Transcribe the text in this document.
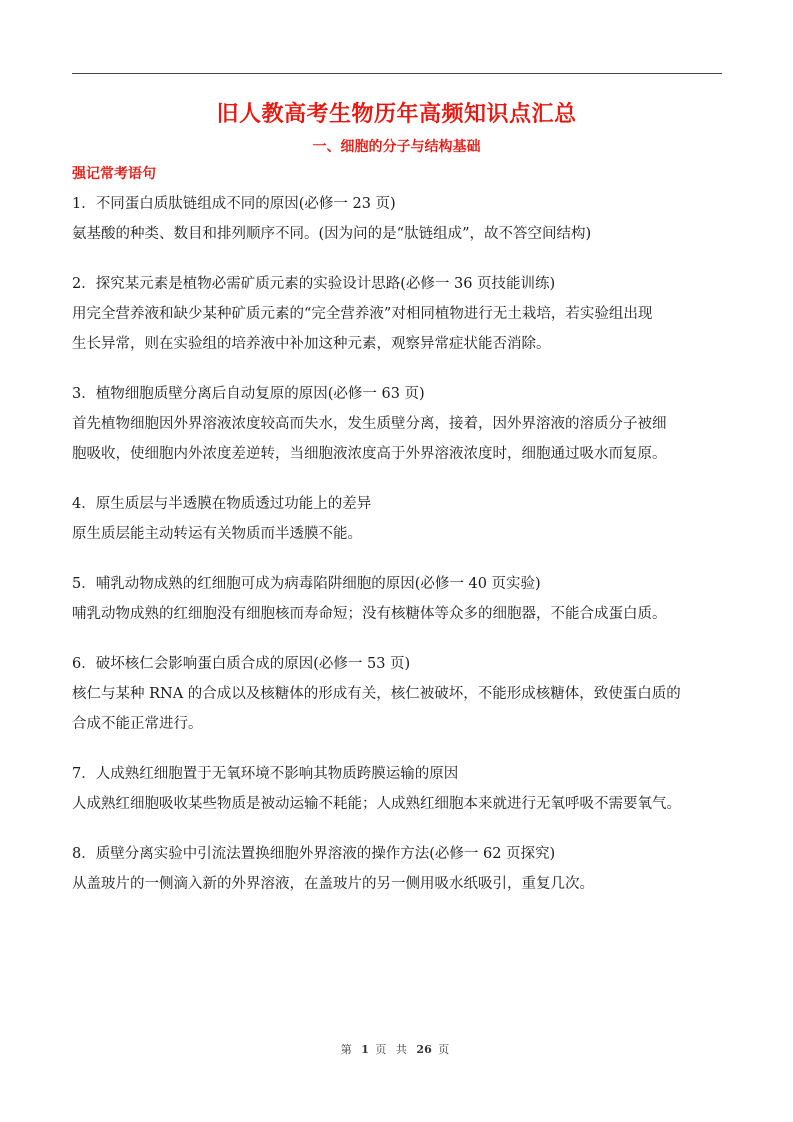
旧人教高考生物历年高频知识点汇总
一、细胞的分子与结构基础
强记常考语句
1．不同蛋白质肽链组成不同的原因(必修一 23 页)
氨基酸的种类、数目和排列顺序不同。(因为问的是“肽链组成”，故不答空间结构)
2．探究某元素是植物必需矿质元素的实验设计思路(必修一 36 页技能训练)
用完全营养液和缺少某种矿质元素的“完全营养液”对相同植物进行无土栽培，若实验组出现
生长异常，则在实验组的培养液中补加这种元素，观察异常症状能否消除。
3．植物细胞质壁分离后自动复原的原因(必修一 63 页)
首先植物细胞因外界溶液浓度较高而失水，发生质壁分离，接着，因外界溶液的溶质分子被细
胞吸收，使细胞内外浓度差逆转，当细胞液浓度高于外界溶液浓度时，细胞通过吸水而复原。
4．原生质层与半透膜在物质透过功能上的差异
原生质层能主动转运有关物质而半透膜不能。
5．哺乳动物成熟的红细胞可成为病毒陷阱细胞的原因(必修一 40 页实验)
哺乳动物成熟的红细胞没有细胞核而寿命短；没有核糖体等众多的细胞器，不能合成蛋白质。
6．破坏核仁会影响蛋白质合成的原因(必修一 53 页)
核仁与某种 RNA 的合成以及核糖体的形成有关，核仁被破坏，不能形成核糖体，致使蛋白质的
合成不能正常进行。
7．人成熟红细胞置于无氧环境不影响其物质跨膜运输的原因
人成熟红细胞吸收某些物质是被动运输不耗能；人成熟红细胞本来就进行无氧呼吸不需要氧气。
8．质壁分离实验中引流法置换细胞外界溶液的操作方法(必修一 62 页探究)
从盖玻片的一侧滴入新的外界溶液，在盖玻片的另一侧用吸水纸吸引，重复几次。
第 1 页 共 26 页
